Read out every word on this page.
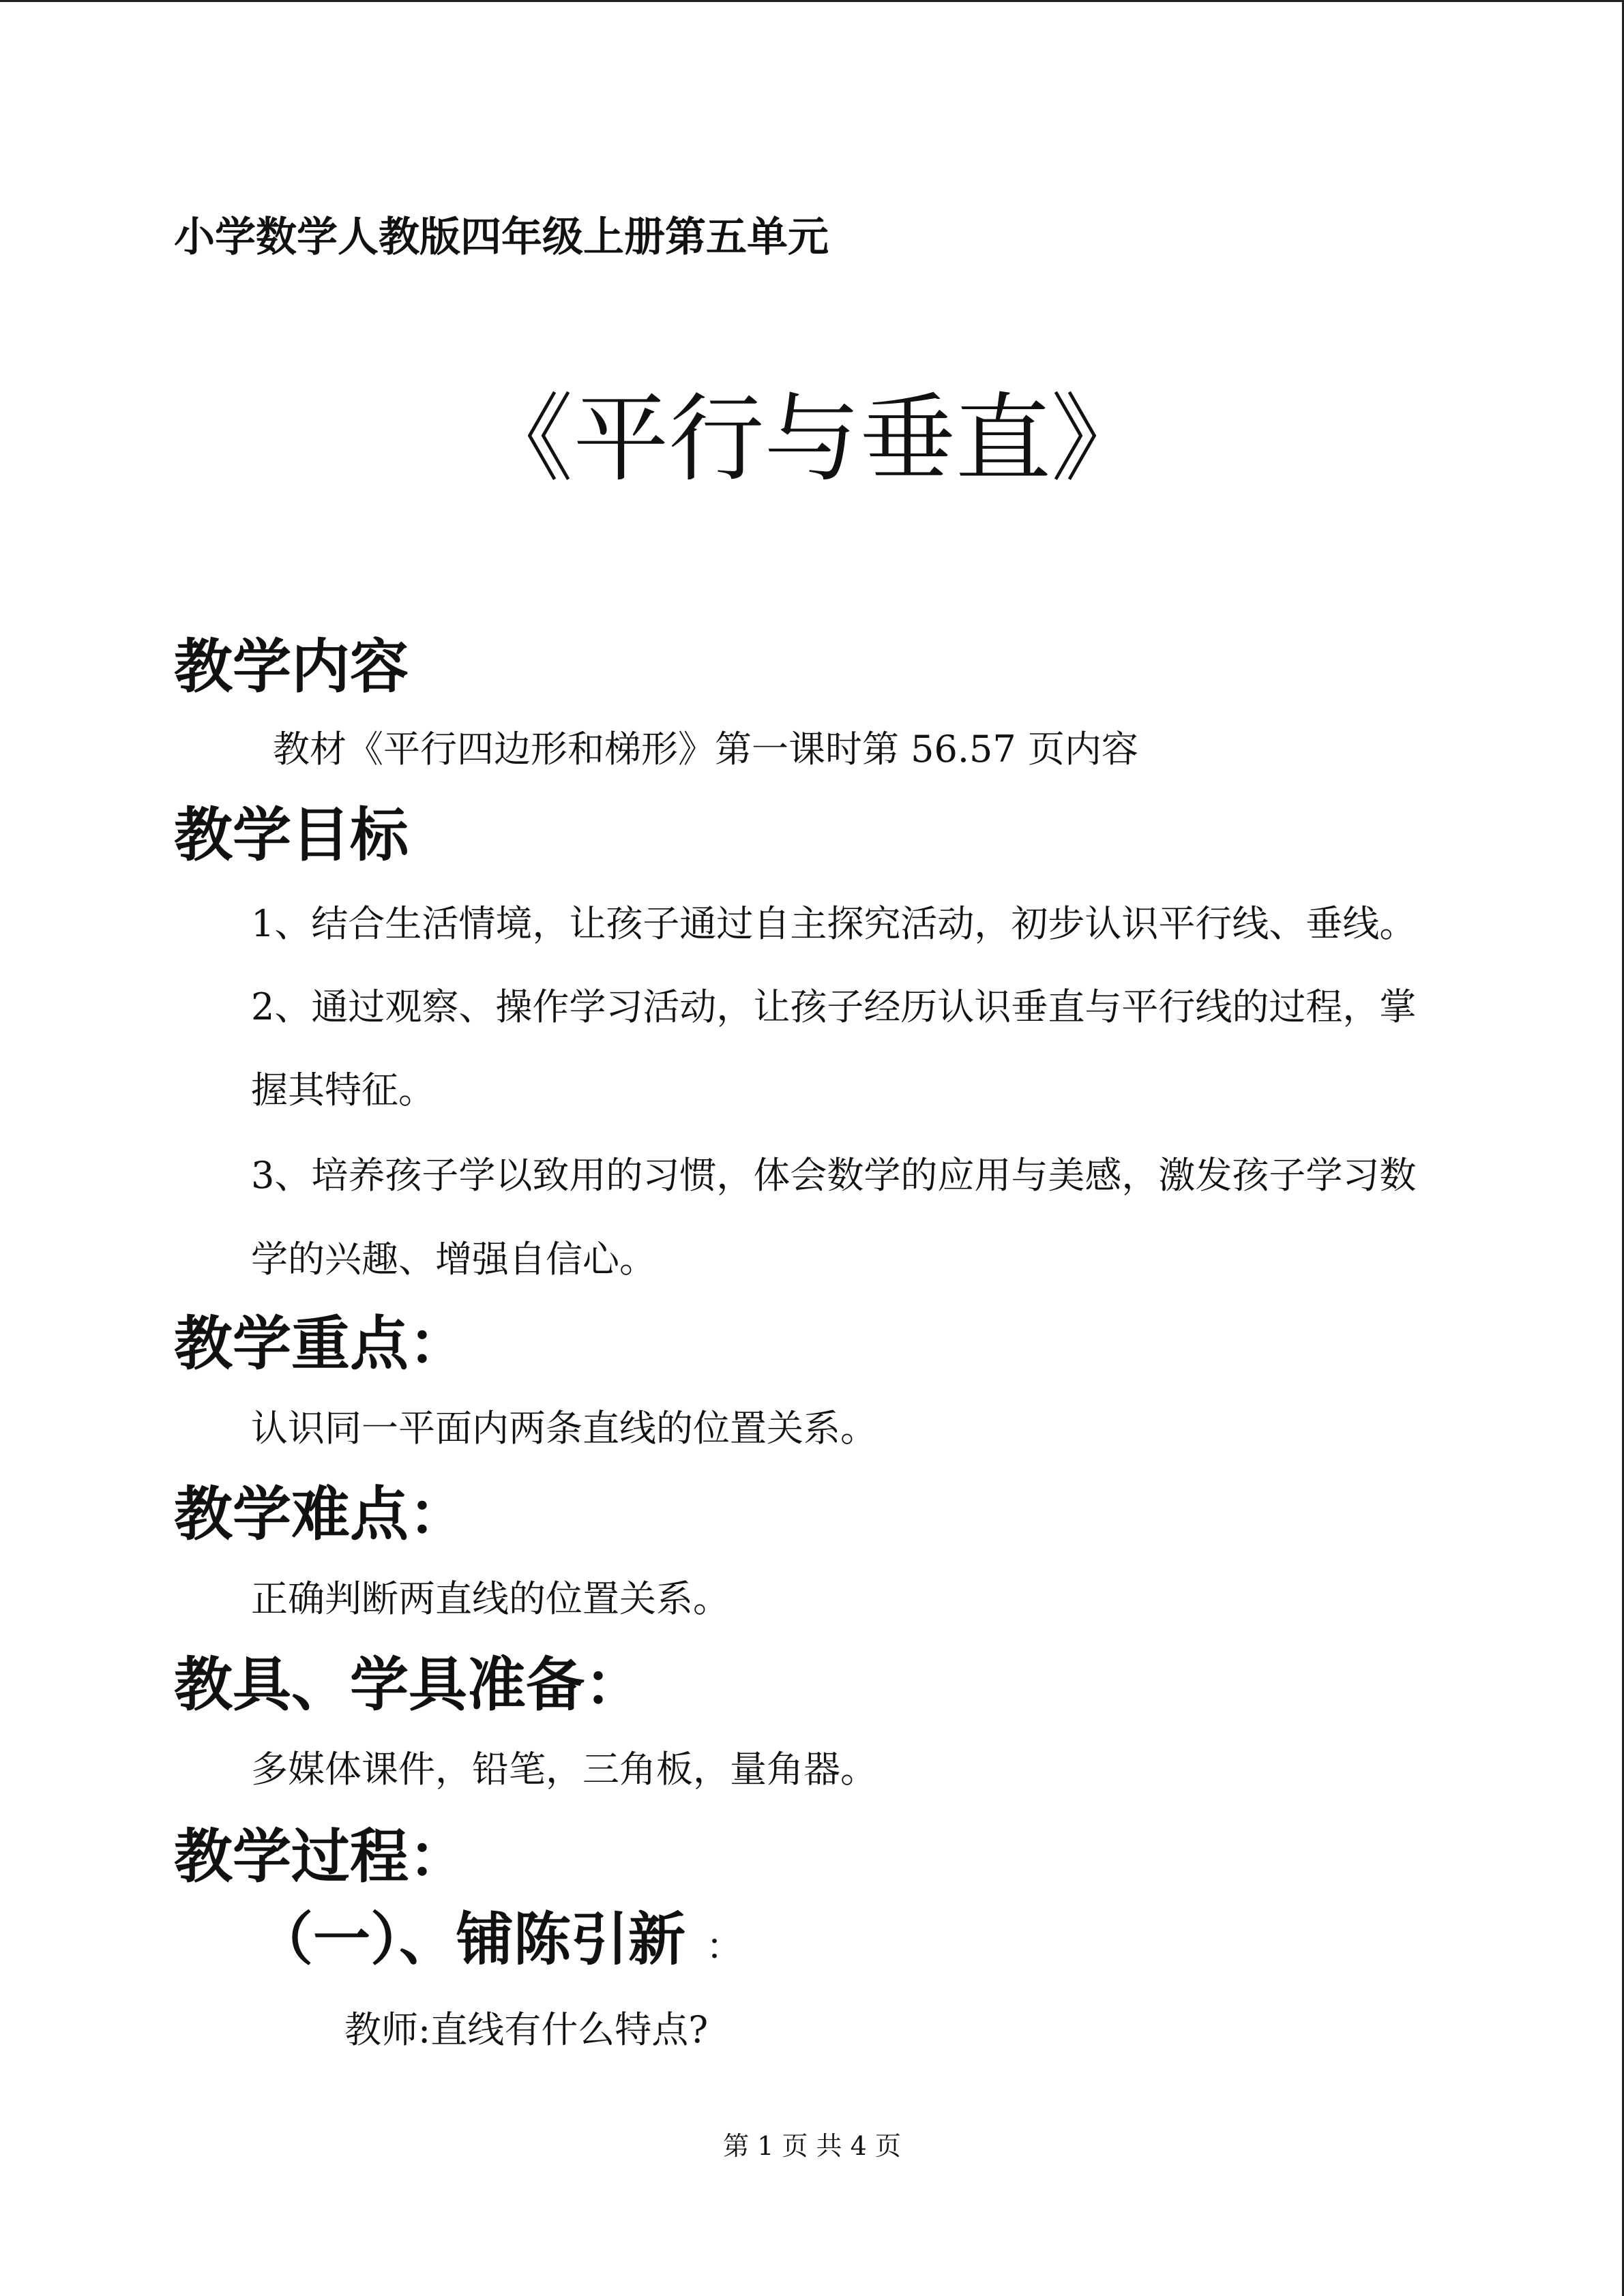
小学数学人教版四年级上册第五单元
《平行与垂直》
教学内容
教材《平行四边形和梯形》第一课时第 56.57 页内容
教学目标
1、结合生活情境，让孩子通过自主探究活动，初步认识平行线、垂线。
2、通过观察、操作学习活动，让孩子经历认识垂直与平行线的过程，掌
握其特征。
3、培养孩子学以致用的习惯，体会数学的应用与美感，激发孩子学习数
学的兴趣、增强自信心。
教学重点：
认识同一平面内两条直线的位置关系。
教学难点：
正确判断两直线的位置关系。
教具、学具准备：
多媒体课件，铅笔，三角板，量角器。
教学过程：
（一）、铺陈引新 ：
教师:直线有什么特点?
第 1 页 共 4 页
